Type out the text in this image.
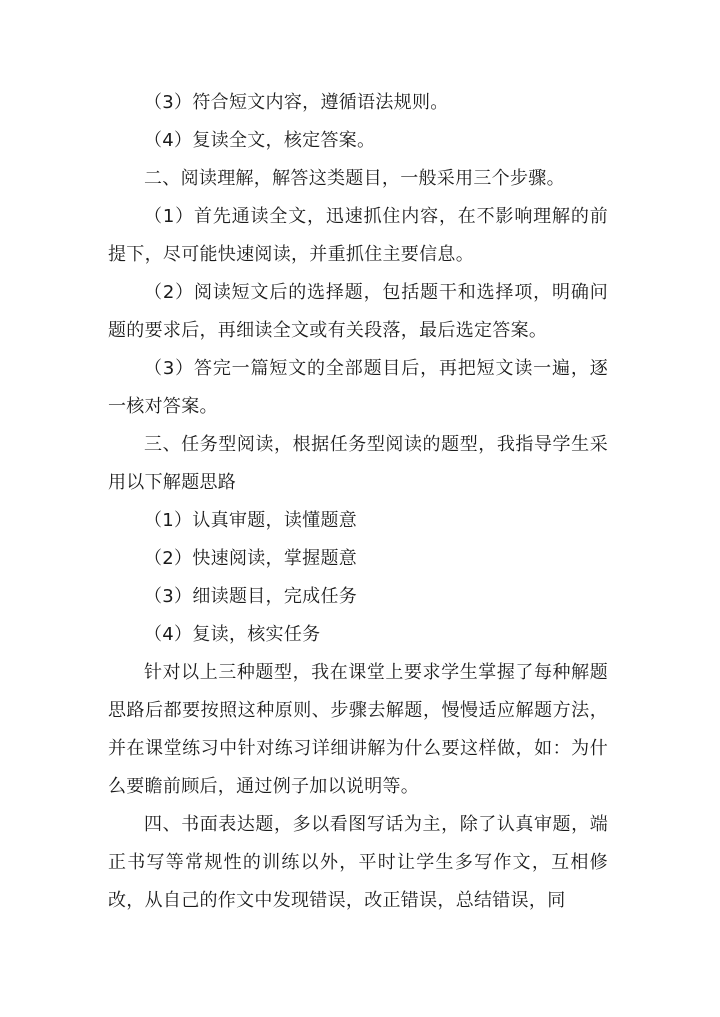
（3）符合短文内容，遵循语法规则。

（4）复读全文，核定答案。

二、阅读理解，解答这类题目，一般采用三个步骤。

（1）首先通读全文，迅速抓住内容，在不影响理解的前提下，尽可能快速阅读，并重抓住主要信息。

（2）阅读短文后的选择题，包括题干和选择项，明确问题的要求后，再细读全文或有关段落，最后选定答案。

（3）答完一篇短文的全部题目后，再把短文读一遍，逐一核对答案。

三、任务型阅读，根据任务型阅读的题型，我指导学生采用以下解题思路

（1）认真审题，读懂题意

（2）快速阅读，掌握题意

（3）细读题目，完成任务

（4）复读，核实任务

针对以上三种题型，我在课堂上要求学生掌握了每种解题思路后都要按照这种原则、步骤去解题，慢慢适应解题方法，并在课堂练习中针对练习详细讲解为什么要这样做，如：为什么要瞻前顾后，通过例子加以说明等。

四、书面表达题，多以看图写话为主，除了认真审题，端正书写等常规性的训练以外，平时让学生多写作文，互相修改，从自己的作文中发现错误，改正错误，总结错误，同
